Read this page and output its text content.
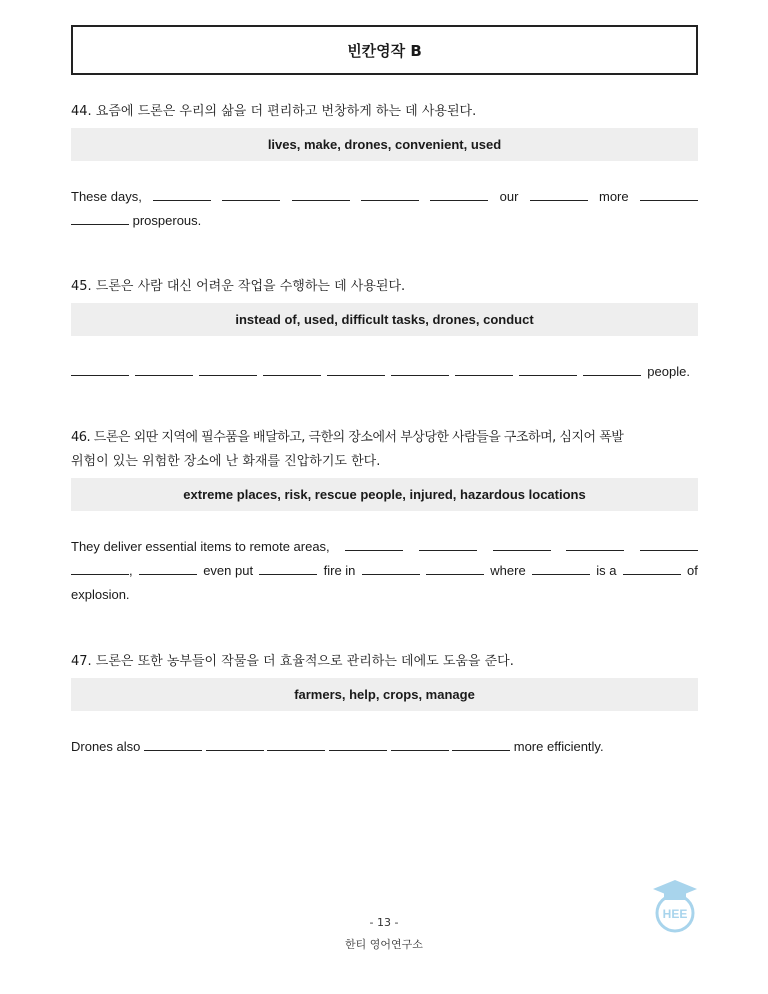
빈칸영작 B

44. 요즘에 드론은 우리의 삶을 더 편리하고 번창하게 하는 데 사용된다.

lives, make, drones, convenient, used
These days,	our	more
prosperous.

45. 드론은 사람 대신 어려운 작업을 수행하는 데 사용된다.

instead of, used, difficult tasks, drones, conduct
people.

46. 드론은 외딴 지역에 필수품을 배달하고, 극한의 장소에서 부상당한 사람들을 구조하며, 심지어 폭발

위험이 있는 위험한 장소에 난 화재를 진압하기도 한다.

extreme places, risk, rescue people, injured, hazardous locations
They deliver essential items to remote areas,
,	even put	fire in	where	is a	of
explosion.

47. 드론은 또한 농부들이 작물을 더 효율적으로 관리하는 데에도 도움을 준다.

farmers, help, crops, manage
Drones also	more efficiently.
- 13 -
한티 영어연구소
HEE
